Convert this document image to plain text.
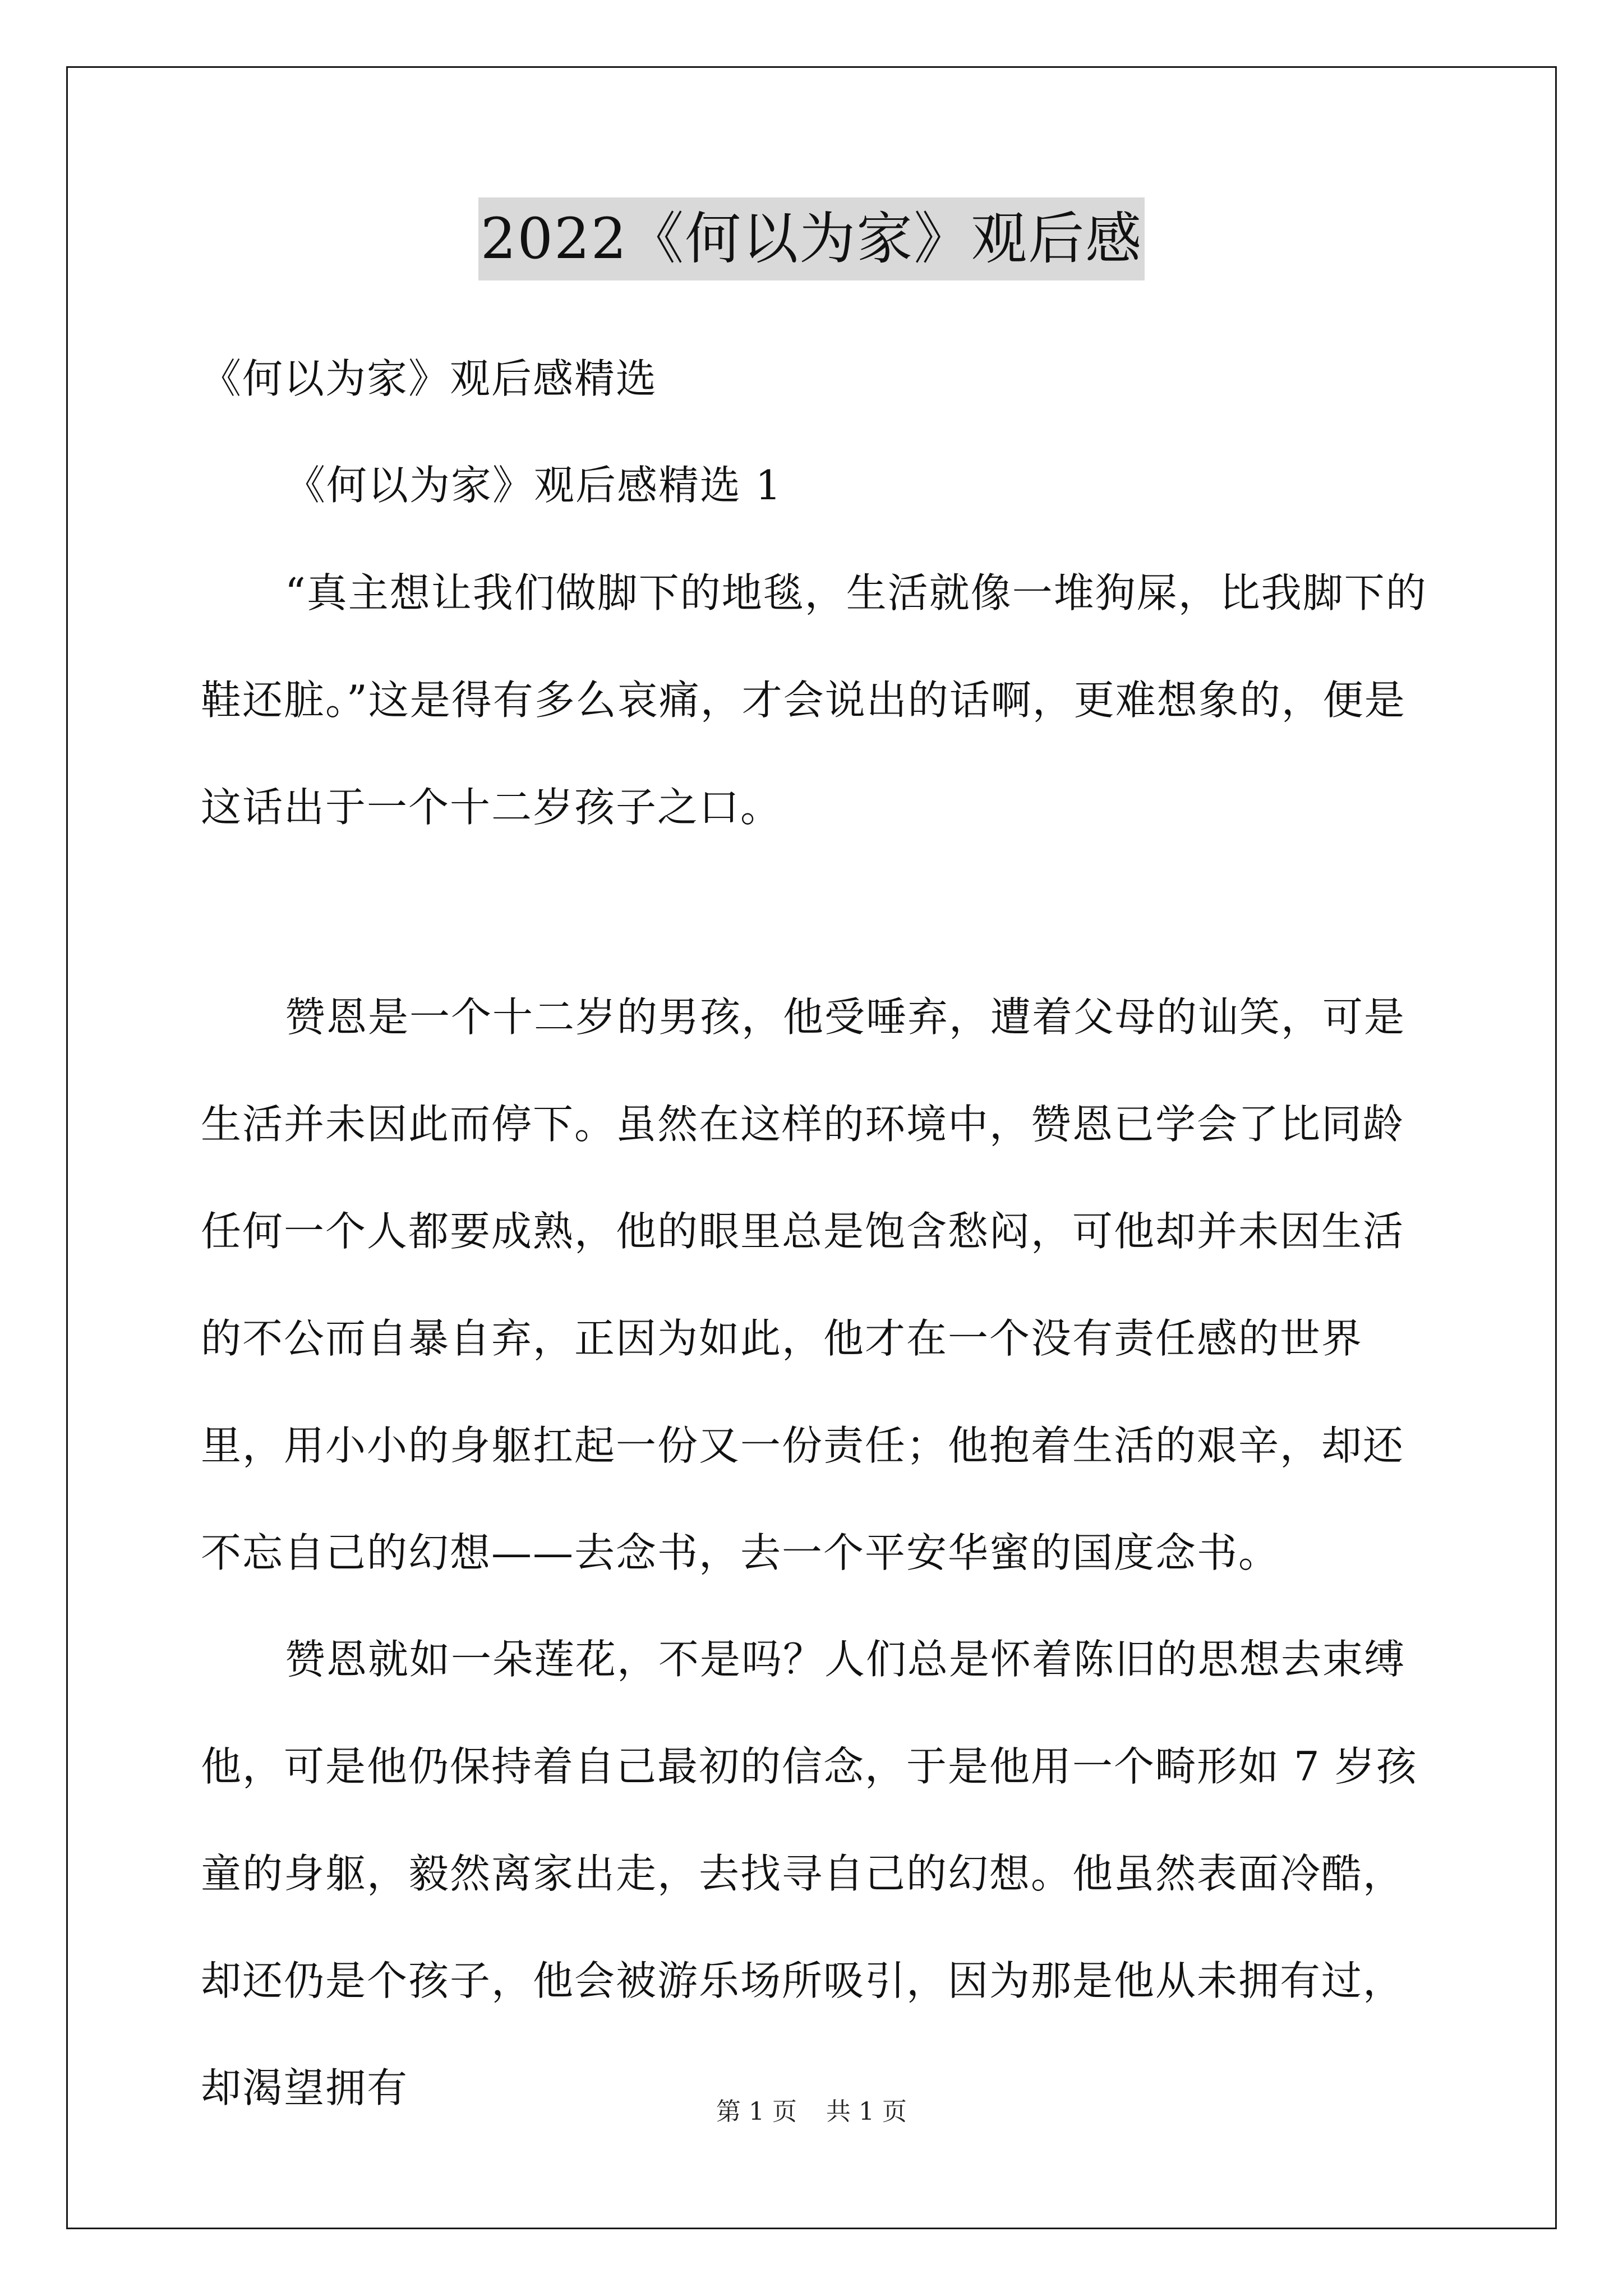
2022《何以为家》观后感

《何以为家》观后感精选

《何以为家》观后感精选 1

“真主想让我们做脚下的地毯，生活就像一堆狗屎，比我脚下的鞋还脏。”这是得有多么哀痛，才会说出的话啊，更难想象的，便是这话出于一个十二岁孩子之口。

赞恩是一个十二岁的男孩，他受唾弃，遭着父母的讪笑，可是生活并未因此而停下。虽然在这样的环境中，赞恩已学会了比同龄任何一个人都要成熟，他的眼里总是饱含愁闷，可他却并未因生活的不公而自暴自弃，正因为如此，他才在一个没有责任感的世界里，用小小的身躯扛起一份又一份责任；他抱着生活的艰辛，却还不忘自己的幻想——去念书，去一个平安华蜜的国度念书。

赞恩就如一朵莲花，不是吗？人们总是怀着陈旧的思想去束缚他，可是他仍保持着自己最初的信念，于是他用一个畸形如 7 岁孩童的身躯，毅然离家出走，去找寻自己的幻想。他虽然表面冷酷，却还仍是个孩子，他会被游乐场所吸引，因为那是他从未拥有过，却渴望拥有

第 1 页 共 1 页
